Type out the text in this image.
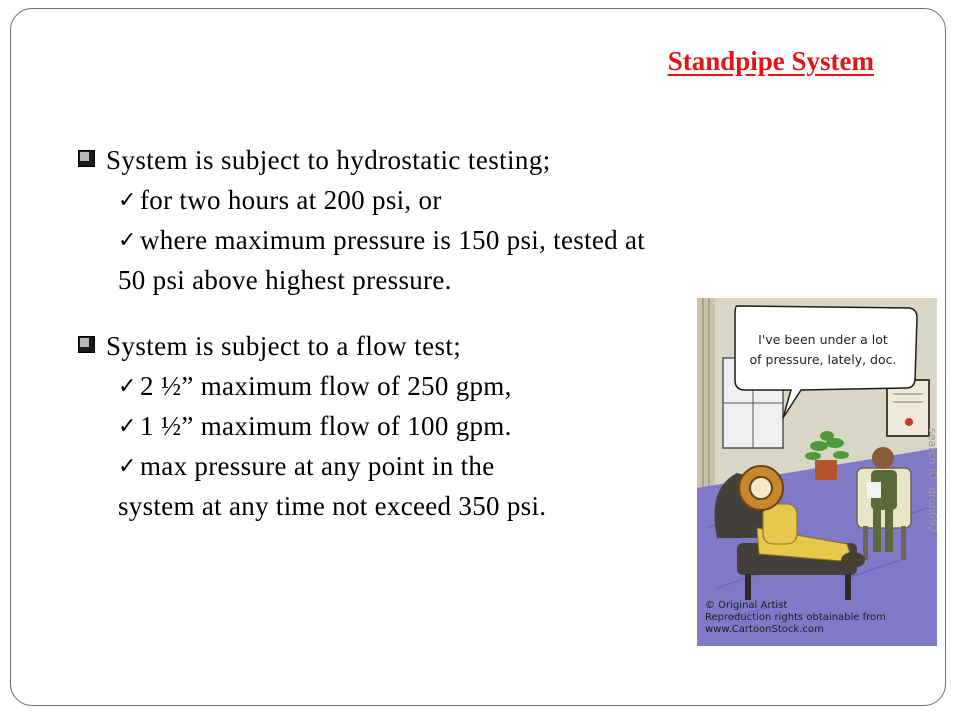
Standpipe System
System is subject to hydrostatic testing;
✓ for two hours at 200 psi, or
✓ where maximum pressure is 150 psi, tested at
50 psi above highest pressure.
System is subject to a flow test;
✓ 2 ½” maximum flow of 250 gpm,
✓ 1 ½” maximum flow of 100 gpm.
✓ max pressure at any point in the
system at any time not exceed 350 psi.
I've been under a lot
of pressure, lately, doc.
search ID: dron692
© Original Artist
Reproduction rights obtainable from
www.CartoonStock.com
